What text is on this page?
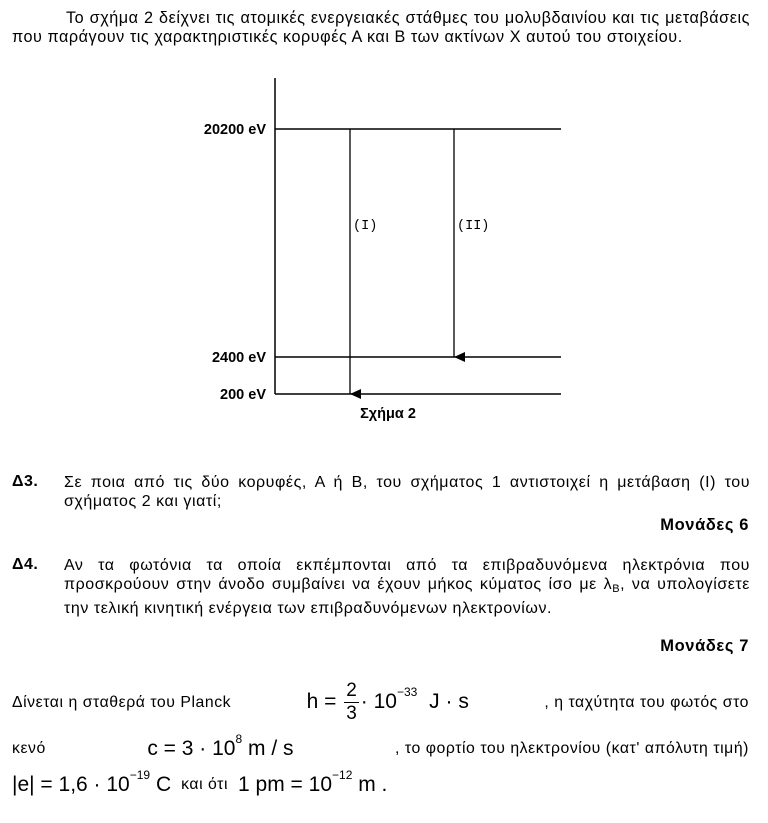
Το σχήμα 2 δείχνει τις ατομικές ενεργειακές στάθμες του μολυβδαινίου και τις μεταβάσεις που παράγουν τις χαρακτηριστικές κορυφές Α και Β των ακτίνων Χ αυτού του στοιχείου.
20200 eV
2400 eV
200 eV
(I)	(II)
Σχήμα 2
Δ3. Σε ποια από τις δύο κορυφές, Α ή Β, του σχήματος 1 αντιστοιχεί η μετάβαση (I) του σχήματος 2 και γιατί;
Μονάδες 6
Δ4. Αν τα φωτόνια τα οποία εκπέμπονται από τα επιβραδυνόμενα ηλεκτρόνια που προσκρούουν στην άνοδο συμβαίνει να έχουν μήκος κύματος ίσο με $\lambda_B$, να υπολογίσετε την τελική κινητική ενέργεια των επιβραδυνόμενων ηλεκτρονίων.
Μονάδες 7
Δίνεται η σταθερά του Planck	$h = \frac{2}{3} \cdot 10^{-33}$ J · s	, η ταχύτητα του φωτός στο
κενό	$c = 3 \cdot 10^8$ m / s	, το φορτίο του ηλεκτρονίου (κατ' απόλυτη τιμή)
$|e| = 1,6 \cdot 10^{-19}$ C και ότι 1 pm = $10^{-12}$ m .
